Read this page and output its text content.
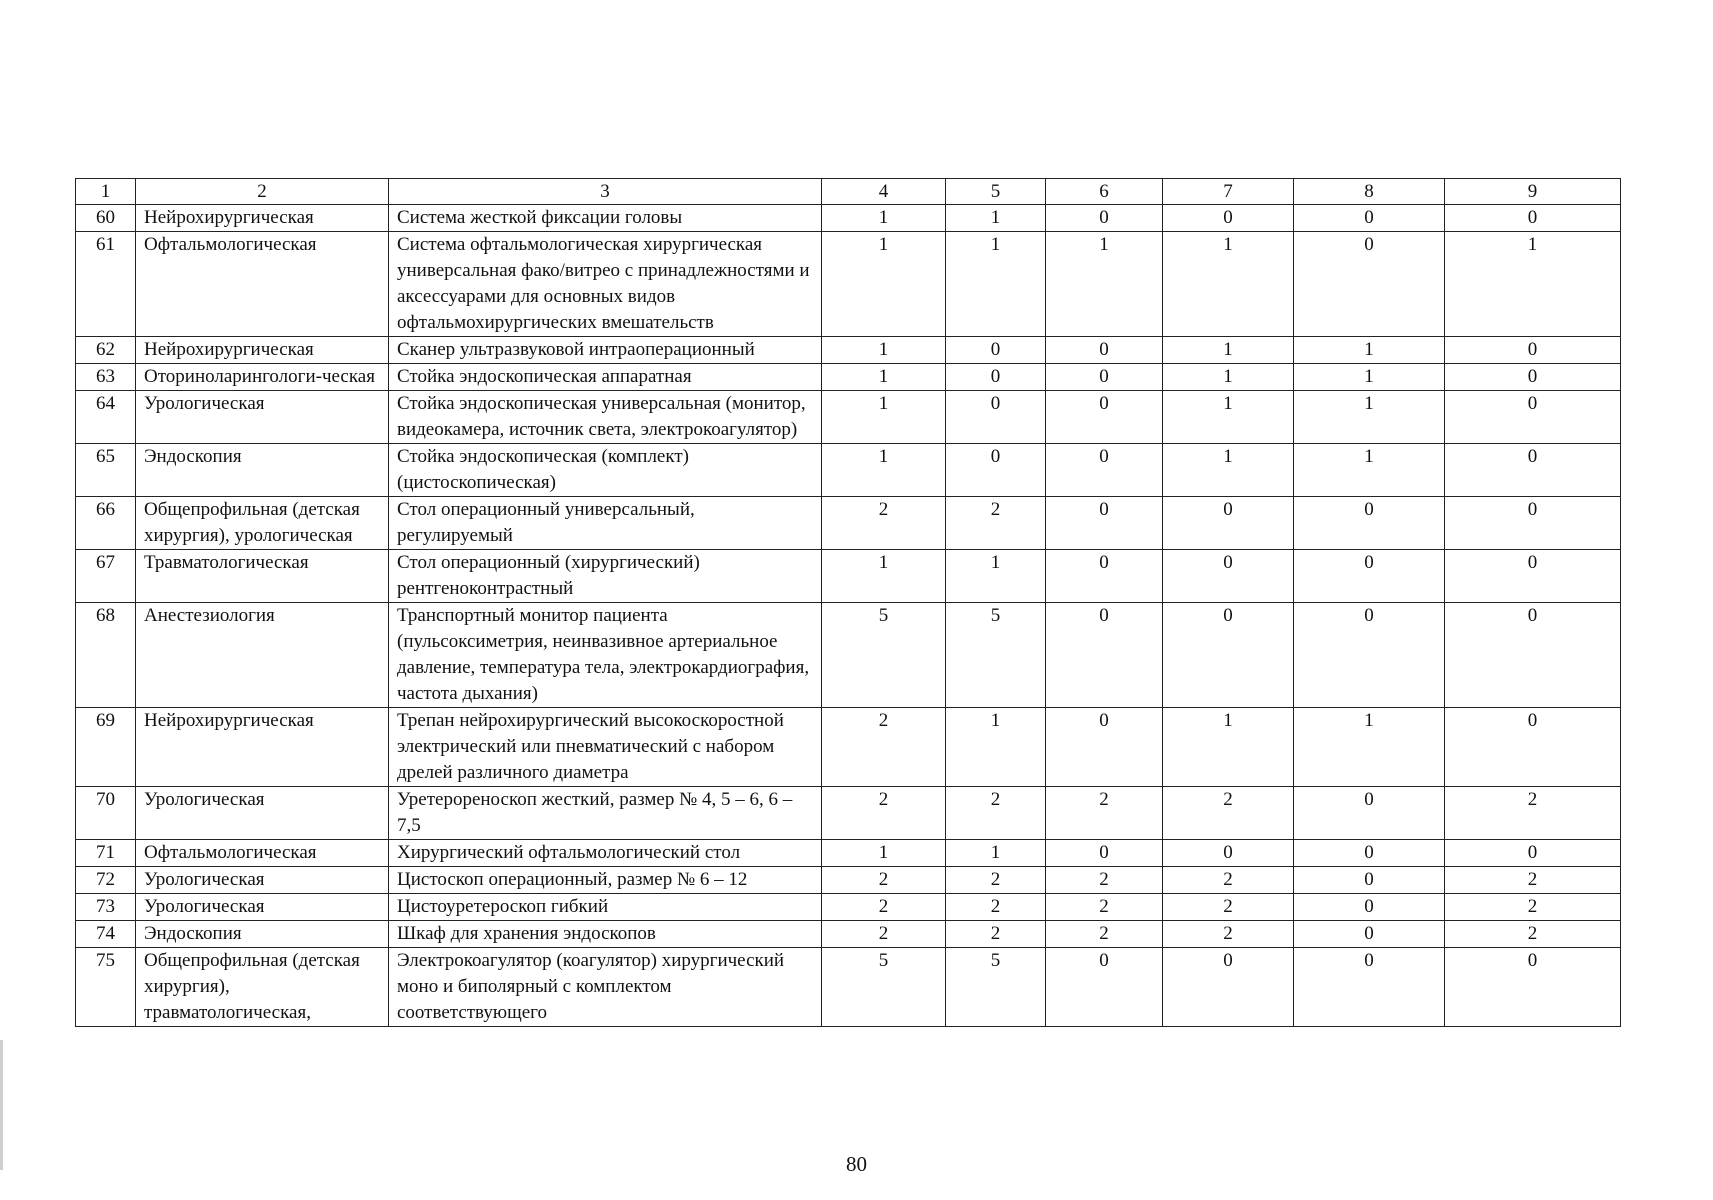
1	2	3	4	5	6	7	8	9
60	Нейрохирургическая	Система жесткой фиксации головы	1	1	0	0	0	0
61	Офтальмологическая	Система офтальмологическая хирургическая универсальная фако/витрео с принадлежностями и аксессуарами для основных видов офтальмохирургических вмешательств	1	1	1	1	0	1
62	Нейрохирургическая	Сканер ультразвуковой интраоперационный	1	0	0	1	1	0
63	Оториноларингологи-ческая	Стойка эндоскопическая аппаратная	1	0	0	1	1	0
64	Урологическая	Стойка эндоскопическая универсальная (монитор, видеокамера, источник света, электрокоагулятор)	1	0	0	1	1	0
65	Эндоскопия	Стойка эндоскопическая (комплект) (цистоскопическая)	1	0	0	1	1	0
66	Общепрофильная (детская хирургия), урологическая	Стол операционный универсальный, регулируемый	2	2	0	0	0	0
67	Травматологическая	Стол операционный (хирургический) рентгеноконтрастный	1	1	0	0	0	0
68	Анестезиология	Транспортный монитор пациента (пульсоксиметрия, неинвазивное артериальное давление, температура тела, электрокардиография, частота дыхания)	5	5	0	0	0	0
69	Нейрохирургическая	Трепан нейрохирургический высокоскоростной электрический или пневматический с набором дрелей различного диаметра	2	1	0	1	1	0
70	Урологическая	Уретерореноскоп жесткий, размер № 4, 5 – 6, 6 – 7,5	2	2	2	2	0	2
71	Офтальмологическая	Хирургический офтальмологический стол	1	1	0	0	0	0
72	Урологическая	Цистоскоп операционный, размер № 6 – 12	2	2	2	2	0	2
73	Урологическая	Цистоуретероскоп гибкий	2	2	2	2	0	2
74	Эндоскопия	Шкаф для хранения эндоскопов	2	2	2	2	0	2
75	Общепрофильная (детская хирургия), травматологическая,	Электрокоагулятор (коагулятор) хирургический моно и биполярный с комплектом соответствующего	5	5	0	0	0	0
80
